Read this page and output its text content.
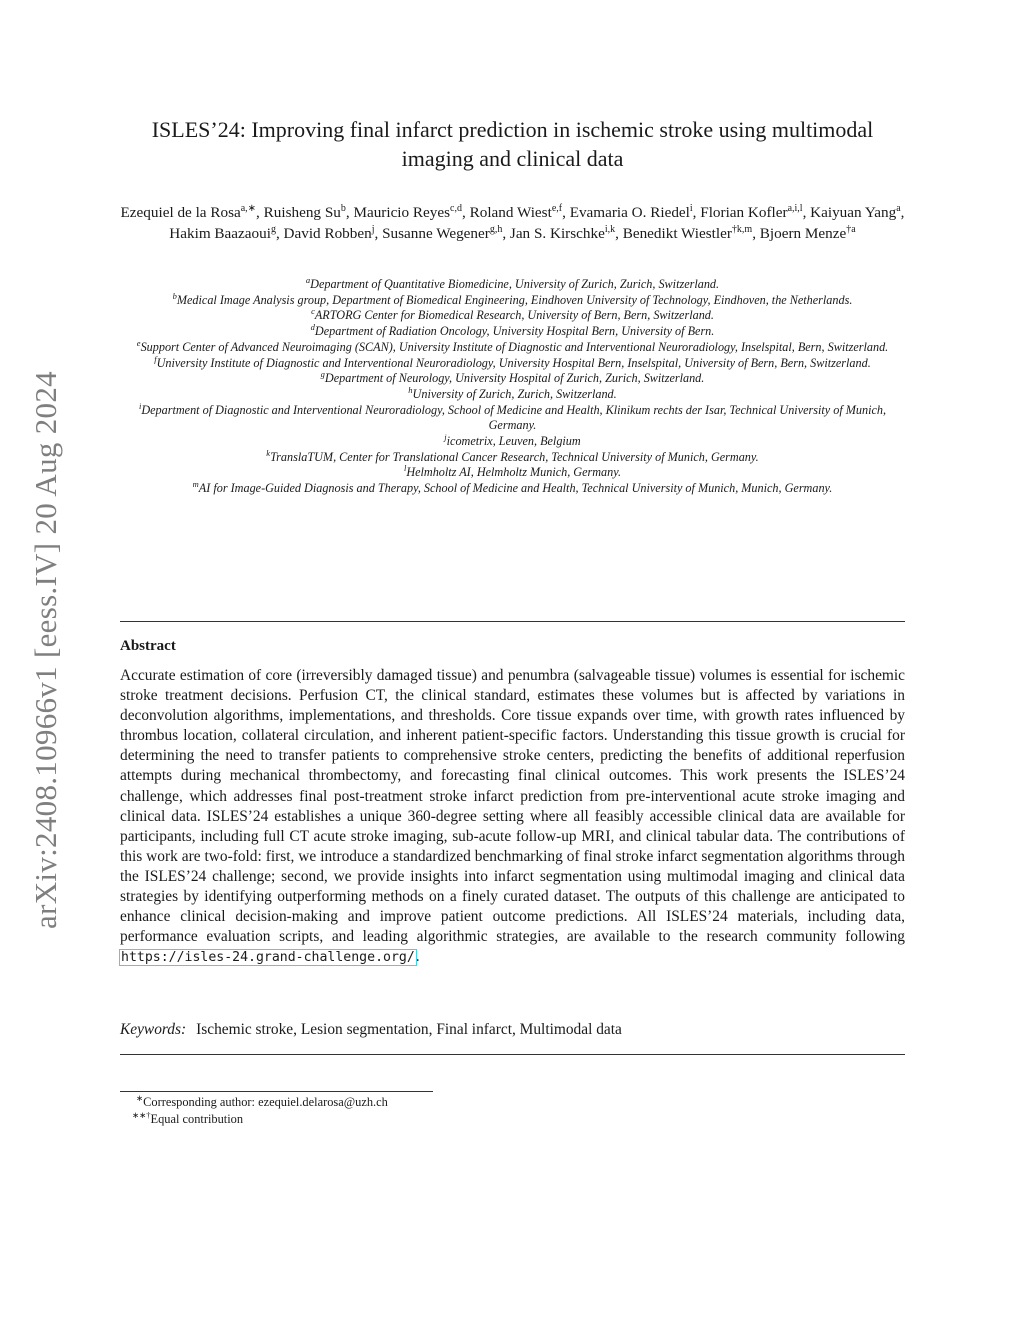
arXiv:2408.10966v1 [eess.IV] 20 Aug 2024
ISLES’24: Improving final infarct prediction in ischemic stroke using multimodal imaging and clinical data
Ezequiel de la Rosa$^{a,∗}$, Ruisheng Su$^b$, Mauricio Reyes$^{c,d}$, Roland Wiest$^{e,f}$, Evamaria O. Riedel$^i$, Florian Kofler$^{a,i,l}$, Kaiyuan Yang$^a$, Hakim Baazaoui$^g$, David Robben$^j$, Susanne Wegener$^{g,h}$, Jan S. Kirschke$^{i,k}$, Benedikt Wiestler$^{\dagger k,m}$, Bjoern Menze$^{\dagger a}$
$^a$Department of Quantitative Biomedicine, University of Zurich, Zurich, Switzerland.
$^b$Medical Image Analysis group, Department of Biomedical Engineering, Eindhoven University of Technology, Eindhoven, the Netherlands.
$^c$ARTORG Center for Biomedical Research, University of Bern, Bern, Switzerland.
$^d$Department of Radiation Oncology, University Hospital Bern, University of Bern.
$^e$Support Center of Advanced Neuroimaging (SCAN), University Institute of Diagnostic and Interventional Neuroradiology, Inselspital, Bern, Switzerland.
$^f$University Institute of Diagnostic and Interventional Neuroradiology, University Hospital Bern, Inselspital, University of Bern, Bern, Switzerland.
$^g$Department of Neurology, University Hospital of Zurich, Zurich, Switzerland.
$^h$University of Zurich, Zurich, Switzerland.
$^i$Department of Diagnostic and Interventional Neuroradiology, School of Medicine and Health, Klinikum rechts der Isar, Technical University of Munich, Germany.
$^j$icometrix, Leuven, Belgium
$^k$TranslaTUM, Center for Translational Cancer Research, Technical University of Munich, Germany.
$^l$Helmholtz AI, Helmholtz Munich, Germany.
$^m$AI for Image-Guided Diagnosis and Therapy, School of Medicine and Health, Technical University of Munich, Munich, Germany.
Abstract

Accurate estimation of core (irreversibly damaged tissue) and penumbra (salvageable tissue) volumes is essential for ischemic stroke treatment decisions. Perfusion CT, the clinical standard, estimates these volumes but is affected by variations in deconvolution algorithms, implementations, and thresholds. Core tissue expands over time, with growth rates influenced by thrombus location, collateral circulation, and inherent patient-specific factors. Understanding this tissue growth is crucial for determining the need to transfer patients to comprehensive stroke centers, predicting the benefits of additional reperfusion attempts during mechanical thrombectomy, and forecasting final clinical outcomes. This work presents the ISLES’24 challenge, which addresses final post-treatment stroke infarct prediction from pre-interventional acute stroke imaging and clinical data. ISLES’24 establishes a unique 360-degree setting where all feasibly accessible clinical data are available for participants, including full CT acute stroke imaging, sub-acute follow-up MRI, and clinical tabular data. The contributions of this work are two-fold: first, we introduce a standardized benchmarking of final stroke infarct segmentation algorithms through the ISLES’24 challenge; second, we provide insights into infarct segmentation using multimodal imaging and clinical data strategies by identifying outperforming methods on a finely curated dataset. The outputs of this challenge are anticipated to enhance clinical decision-making and improve patient outcome predictions. All ISLES’24 materials, including data, performance evaluation scripts, and leading algorithmic strategies, are available to the research community following https://isles-24.grand-challenge.org/.

Keywords: Ischemic stroke, Lesion segmentation, Final infarct, Multimodal data
∗Corresponding author: ezequiel.delarosa@uzh.ch
∗∗†Equal contribution
